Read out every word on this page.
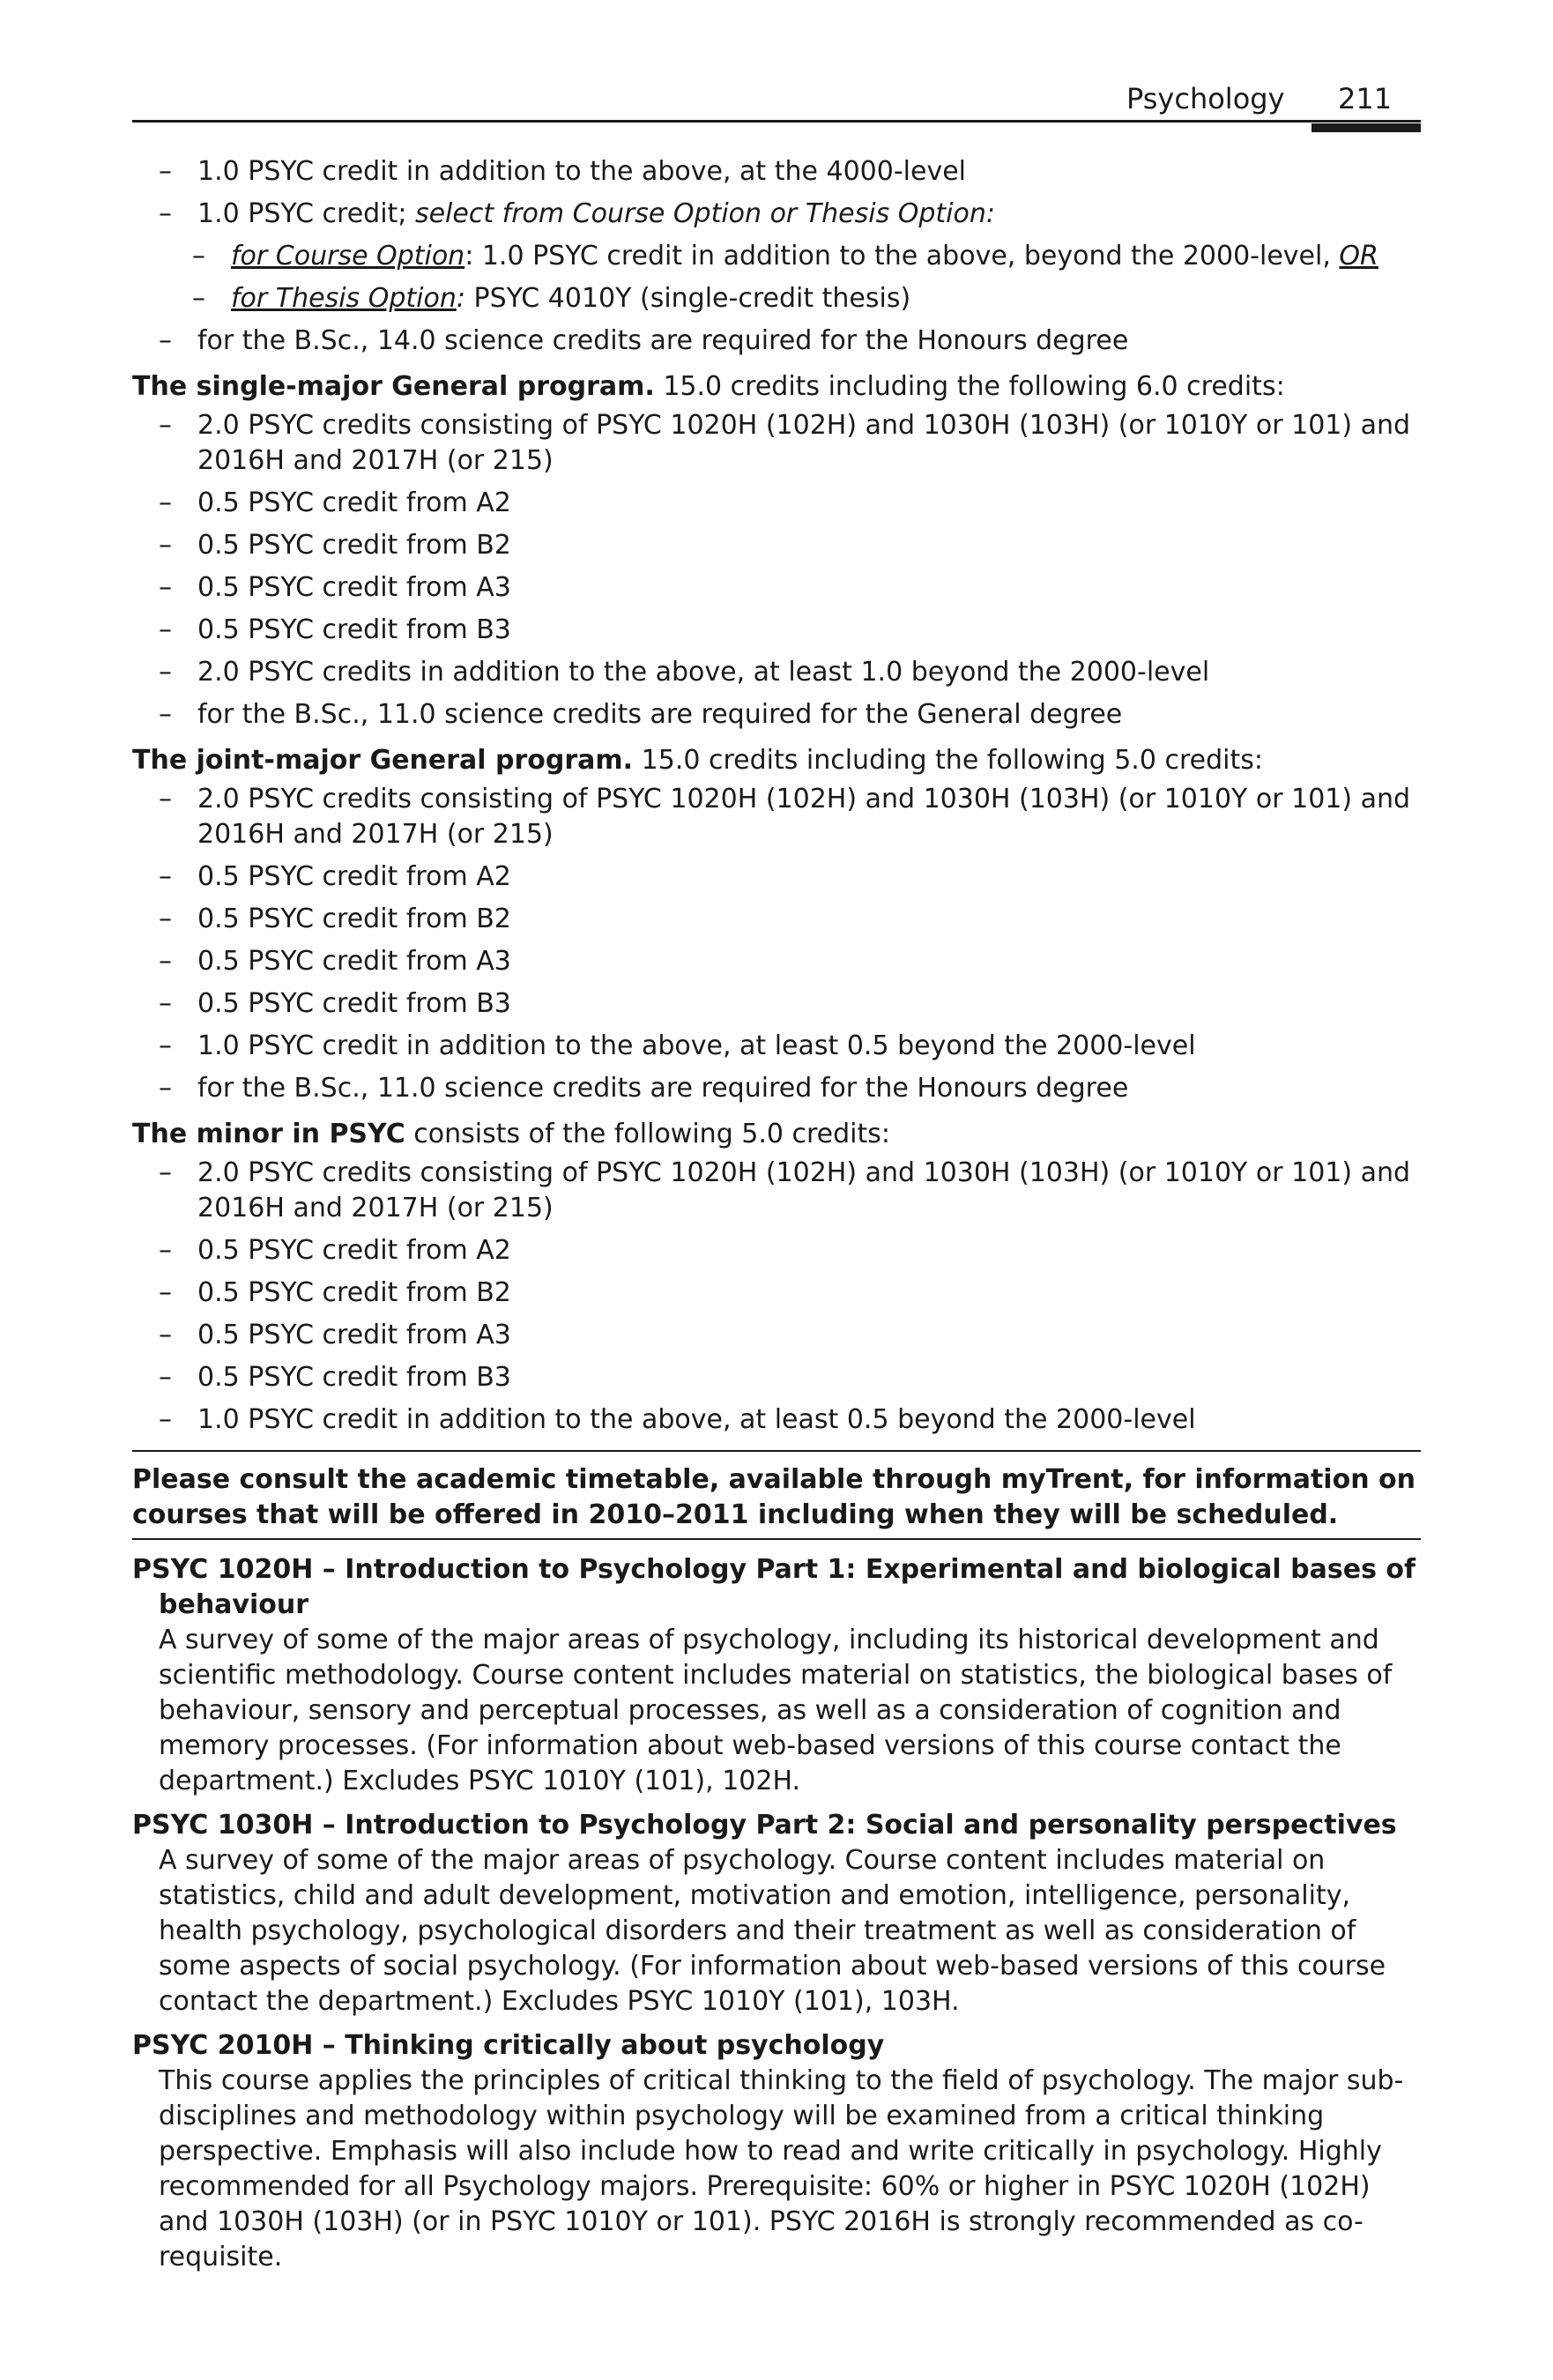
Psychology 211
– 1.0 PSYC credit in addition to the above, at the 4000-level
– 1.0 PSYC credit; select from Course Option or Thesis Option:
– for Course Option: 1.0 PSYC credit in addition to the above, beyond the 2000-level, OR
– for Thesis Option: PSYC 4010Y (single-credit thesis)
– for the B.Sc., 14.0 science credits are required for the Honours degree

The single-major General program. 15.0 credits including the following 6.0 credits:

– 2.0 PSYC credits consisting of PSYC 1020H (102H) and 1030H (103H) (or 1010Y or 101) and 2016H and 2017H (or 215)
– 0.5 PSYC credit from A2
– 0.5 PSYC credit from B2
– 0.5 PSYC credit from A3
– 0.5 PSYC credit from B3
– 2.0 PSYC credits in addition to the above, at least 1.0 beyond the 2000-level
– for the B.Sc., 11.0 science credits are required for the General degree

The joint-major General program. 15.0 credits including the following 5.0 credits:

– 2.0 PSYC credits consisting of PSYC 1020H (102H) and 1030H (103H) (or 1010Y or 101) and 2016H and 2017H (or 215)
– 0.5 PSYC credit from A2
– 0.5 PSYC credit from B2
– 0.5 PSYC credit from A3
– 0.5 PSYC credit from B3
– 1.0 PSYC credit in addition to the above, at least 0.5 beyond the 2000-level
– for the B.Sc., 11.0 science credits are required for the Honours degree

The minor in PSYC consists of the following 5.0 credits:

– 2.0 PSYC credits consisting of PSYC 1020H (102H) and 1030H (103H) (or 1010Y or 101) and 2016H and 2017H (or 215)
– 0.5 PSYC credit from A2
– 0.5 PSYC credit from B2
– 0.5 PSYC credit from A3
– 0.5 PSYC credit from B3
– 1.0 PSYC credit in addition to the above, at least 0.5 beyond the 2000-level
Please consult the academic timetable, available through myTrent, for information on courses that will be offered in 2010–2011 including when they will be scheduled.

PSYC 1020H – Introduction to Psychology Part 1: Experimental and biological bases of behaviour

A survey of some of the major areas of psychology, including its historical development and scientific methodology. Course content includes material on statistics, the biological bases of behaviour, sensory and perceptual processes, as well as a consideration of cognition and memory processes. (For information about web-based versions of this course contact the department.) Excludes PSYC 1010Y (101), 102H.

PSYC 1030H – Introduction to Psychology Part 2: Social and personality perspectives

A survey of some of the major areas of psychology. Course content includes material on statistics, child and adult development, motivation and emotion, intelligence, personality, health psychology, psychological disorders and their treatment as well as consideration of some aspects of social psychology. (For information about web-based versions of this course contact the department.) Excludes PSYC 1010Y (101), 103H.

PSYC 2010H – Thinking critically about psychology

This course applies the principles of critical thinking to the field of psychology. The major subdisciplines and methodology within psychology will be examined from a critical thinking perspective. Emphasis will also include how to read and write critically in psychology. Highly recommended for all Psychology majors. Prerequisite: 60% or higher in PSYC 1020H (102H) and 1030H (103H) (or in PSYC 1010Y or 101). PSYC 2016H is strongly recommended as co-requisite.
